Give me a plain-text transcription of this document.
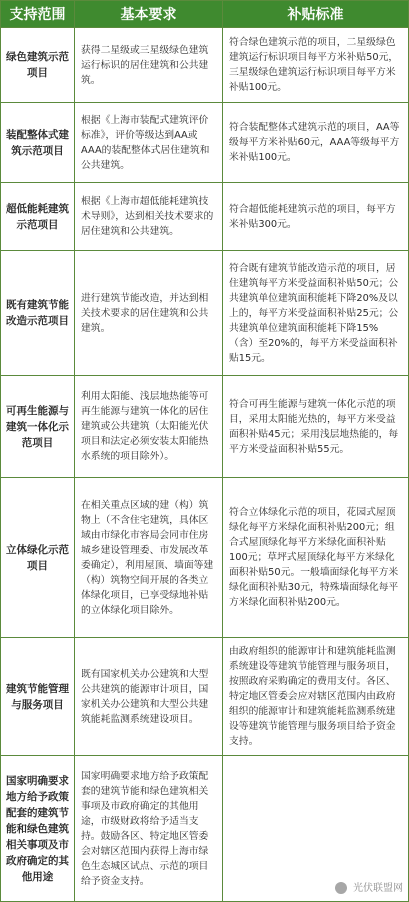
支持范围	基本要求	补贴标准
绿色建筑示范项目	获得二星级或三星级绿色建筑运行标识的居住建筑和公共建筑。	符合绿色建筑示范的项目，二星级绿色建筑运行标识项目每平方米补贴50元，三星级绿色建筑运行标识项目每平方米补贴100元。
装配整体式建筑示范项目	根据《上海市装配式建筑评价标准》，评价等级达到AA或AAA的装配整体式居住建筑和公共建筑。	符合装配整体式建筑示范的项目，AA等级每平方米补贴60元，AAA等级每平方米补贴100元。
超低能耗建筑示范项目	根据《上海市超低能耗建筑技术导则》，达到相关技术要求的居住建筑和公共建筑。	符合超低能耗建筑示范的项目，每平方米补贴300元。
既有建筑节能改造示范项目	进行建筑节能改造，并达到相关技术要求的居住建筑和公共建筑。	符合既有建筑节能改造示范的项目，居住建筑每平方米受益面积补贴50元；公共建筑单位建筑面积能耗下降20%及以上的，每平方米受益面积补贴25元；公共建筑单位建筑面积能耗下降15%（含）至20%的，每平方米受益面积补贴15元。
可再生能源与建筑一体化示范项目	利用太阳能、浅层地热能等可再生能源与建筑一体化的居住建筑或公共建筑（太阳能光伏项目和法定必须安装太阳能热水系统的项目除外）。	符合可再生能源与建筑一体化示范的项目，采用太阳能光热的，每平方米受益面积补贴45元；采用浅层地热能的，每平方米受益面积补贴55元。
立体绿化示范项目	在相关重点区域的建（构）筑物上（不含住宅建筑，具体区域由市绿化市容局会同市住房城乡建设管理委、市发展改革委确定），利用屋顶、墙面等建（构）筑物空间开展的各类立体绿化项目，已享受绿地补贴的立体绿化项目除外。	符合立体绿化示范的项目，花园式屋顶绿化每平方米绿化面积补贴200元；组合式屋顶绿化每平方米绿化面积补贴100元；草坪式屋顶绿化每平方米绿化面积补贴50元。一般墙面绿化每平方米绿化面积补贴30元，特殊墙面绿化每平方米绿化面积补贴200元。
建筑节能管理与服务项目	既有国家机关办公建筑和大型公共建筑的能源审计项目，国家机关办公建筑和大型公共建筑能耗监测系统建设项目。	由政府组织的能源审计和建筑能耗监测系统建设等建筑节能管理与服务项目，按照政府采购确定的费用支付。各区、特定地区管委会应对辖区范围内由政府组织的能源审计和建筑能耗监测系统建设等建筑节能管理与服务项目给予资金支持。
国家明确要求地方给予政策配套的建筑节能和绿色建筑相关事项及市政府确定的其他用途	国家明确要求地方给予政策配套的建筑节能和绿色建筑相关事项及市政府确定的其他用途，市级财政将给予适当支持。鼓励各区、特定地区管委会对辖区范围内获得上海市绿色生态城区试点、示范的项目给予资金支持。	
光伏联盟网
